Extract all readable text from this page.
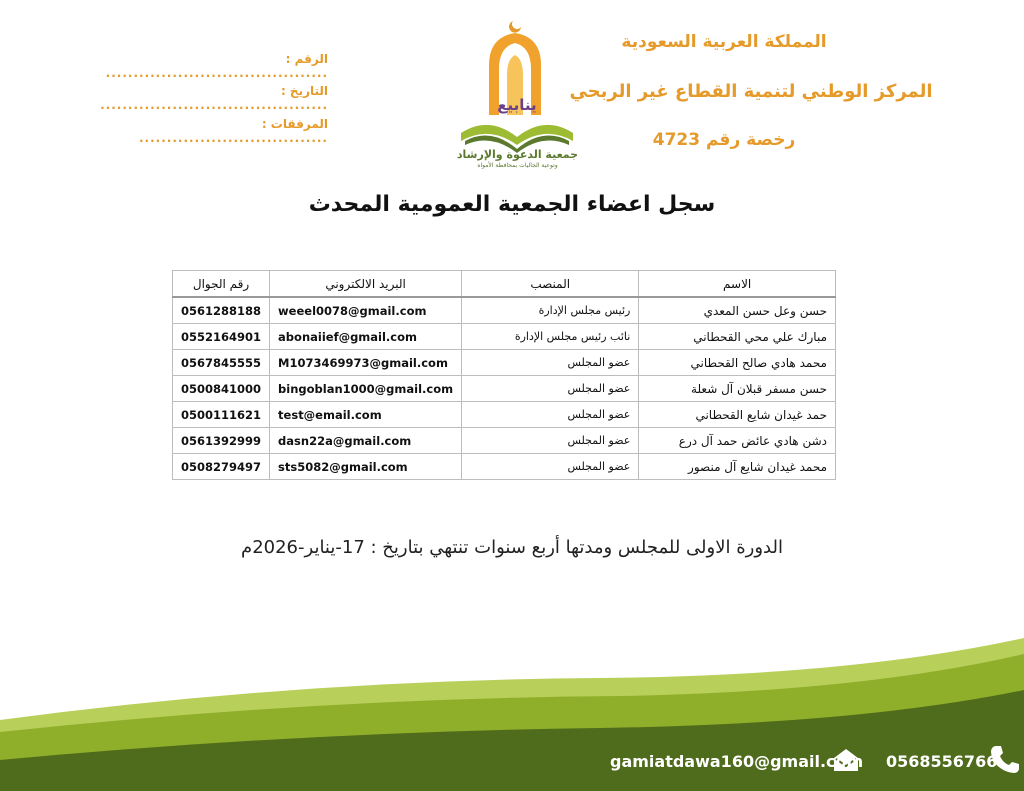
المملكة العربية السعودية
المركز الوطني لتنمية القطاع غير الربحي
رخصة رقم 4723
الرقم : ........................................
التاريخ : .........................................
المرفقات : ..................................
ينابيع
جمعية الدعوة والإرشاد
وتوعية الجاليات بمحافظة الأمواه
سجل اعضاء الجمعية العمومية المحدث
الاسم	المنصب	البريد الالكتروني	رقم الجوال
حسن وعل حسن المعدي	رئيس مجلس الإدارة	weeel0078@gmail.com	0561288188
مبارك علي محي القحطاني	نائب رئيس مجلس الإدارة	abonaiief@gmail.com	0552164901
محمد هادي صالح القحطاني	عضو المجلس	M1073469973@gmail.com	0567845555
حسن مسفر قبلان آل شعلة	عضو المجلس	bingoblan1000@gmail.com	0500841000
حمد غيدان شايع القحطاني	عضو المجلس	test@email.com	0500111621
دشن هادي عائض حمد آل درع	عضو المجلس	dasn22a@gmail.com	0561392999
محمد غيدان شايع آل منصور	عضو المجلس	sts5082@gmail.com	0508279497
الدورة الاولى للمجلس ومدتها أربع سنوات تنتهي بتاريخ : 17-يناير-2026م
gamiatdawa160@gmail.com 0568556766
